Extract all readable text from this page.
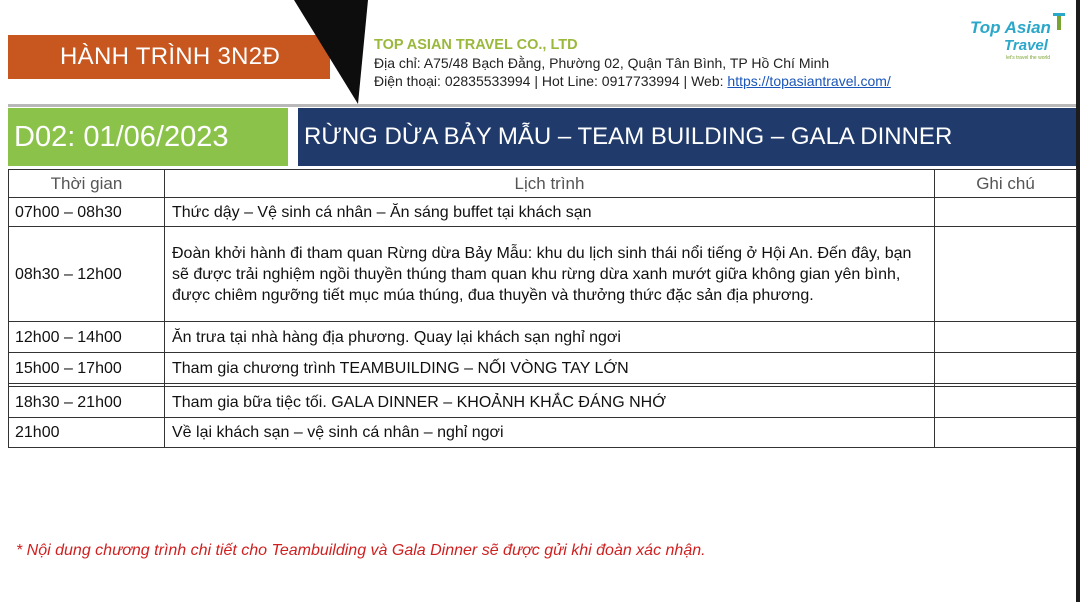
HÀNH TRÌNH 3N2Đ	TOP ASIAN TRAVEL CO., LTD
Địa chỉ: A75/48 Bạch Đằng, Phường 02, Quận Tân Bình, TP Hồ Chí Minh
Điện thoại: 02835533994 | Hot Line: 0917733994 | Web: https://topasiantravel.com/
Top Asian
Travel
let's travel the world
D02: 01/06/2023	RỪNG DỪA BẢY MẪU – TEAM BUILDING – GALA DINNER
Thời gian	Lịch trình	Ghi chú
07h00 – 08h30	Thức dậy – Vệ sinh cá nhân – Ăn sáng buffet tại khách sạn	
08h30 – 12h00	Đoàn khởi hành đi tham quan Rừng dừa Bảy Mẫu: khu du lịch sinh thái nổi tiếng ở Hội An. Đến đây, bạn sẽ được trải nghiệm ngồi thuyền thúng tham quan khu rừng dừa xanh mướt giữa không gian yên bình, được chiêm ngưỡng tiết mục múa thúng, đua thuyền và thưởng thức đặc sản địa phương.	
12h00 – 14h00	Ăn trưa tại nhà hàng địa phương. Quay lại khách sạn nghỉ ngơi	
15h00 – 17h00	Tham gia chương trình TEAMBUILDING – NỐI VÒNG TAY LỚN	

18h30 – 21h00	Tham gia bữa tiệc tối. GALA DINNER – KHOẢNH KHẮC ĐÁNG NHỚ	
21h00	Về lại khách sạn – vệ sinh cá nhân – nghỉ ngơi	
* Nội dung chương trình chi tiết cho Teambuilding và Gala Dinner sẽ được gửi khi đoàn xác nhận.
